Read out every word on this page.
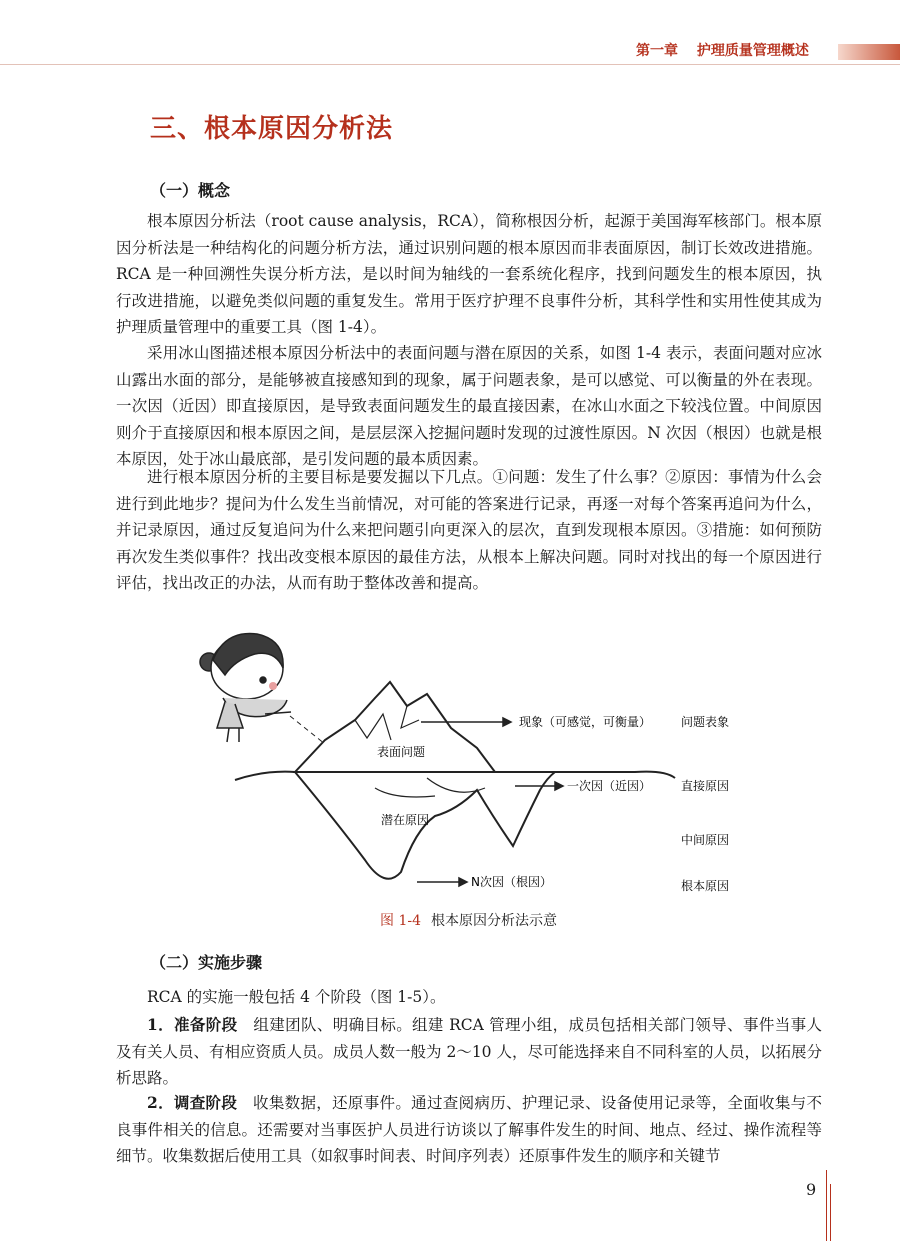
第一章 护理质量管理概述
三、根本原因分析法
（一）概念

根本原因分析法（root cause analysis，RCA），简称根因分析，起源于美国海军核部门。根本原因分析法是一种结构化的问题分析方法，通过识别问题的根本原因而非表面原因，制订长效改进措施。RCA 是一种回溯性失误分析方法，是以时间为轴线的一套系统化程序，找到问题发生的根本原因，执行改进措施，以避免类似问题的重复发生。常用于医疗护理不良事件分析，其科学性和实用性使其成为护理质量管理中的重要工具（图 1-4）。

采用冰山图描述根本原因分析法中的表面问题与潜在原因的关系，如图 1-4 表示，表面问题对应冰山露出水面的部分，是能够被直接感知到的现象，属于问题表象，是可以感觉、可以衡量的外在表现。一次因（近因）即直接原因，是导致表面问题发生的最直接因素，在冰山水面之下较浅位置。中间原因则介于直接原因和根本原因之间，是层层深入挖掘问题时发现的过渡性原因。N 次因（根因）也就是根本原因，处于冰山最底部，是引发问题的最本质因素。

进行根本原因分析的主要目标是要发掘以下几点。①问题：发生了什么事？②原因：事情为什么会进行到此地步？提问为什么发生当前情况，对可能的答案进行记录，再逐一对每个答案再追问为什么，并记录原因，通过反复追问为什么来把问题引向更深入的层次，直到发现根本原因。③措施：如何预防再次发生类似事件？找出改变根本原因的最佳方法，从根本上解决问题。同时对找出的每一个原因进行评估，找出改正的办法，从而有助于整体改善和提高。

表面问题
潜在原因
现象（可感觉，可衡量）
一次因（近因）
N次因（根因）
问题表象
直接原因
中间原因
根本原因
图 1-4 根本原因分析法示意
（二）实施步骤

RCA 的实施一般包括 4 个阶段（图 1-5）。

1．准备阶段　 组建团队、明确目标。组建 RCA 管理小组，成员包括相关部门领导、事件当事人及有关人员、有相应资质人员。成员人数一般为 2～10 人，尽可能选择来自不同科室的人员，以拓展分析思路。

2．调查阶段　 收集数据，还原事件。通过查阅病历、护理记录、设备使用记录等，全面收集与不良事件相关的信息。还需要对当事医护人员进行访谈以了解事件发生的时间、地点、经过、操作流程等细节。收集数据后使用工具（如叙事时间表、时间序列表）还原事件发生的顺序和关键节

9
